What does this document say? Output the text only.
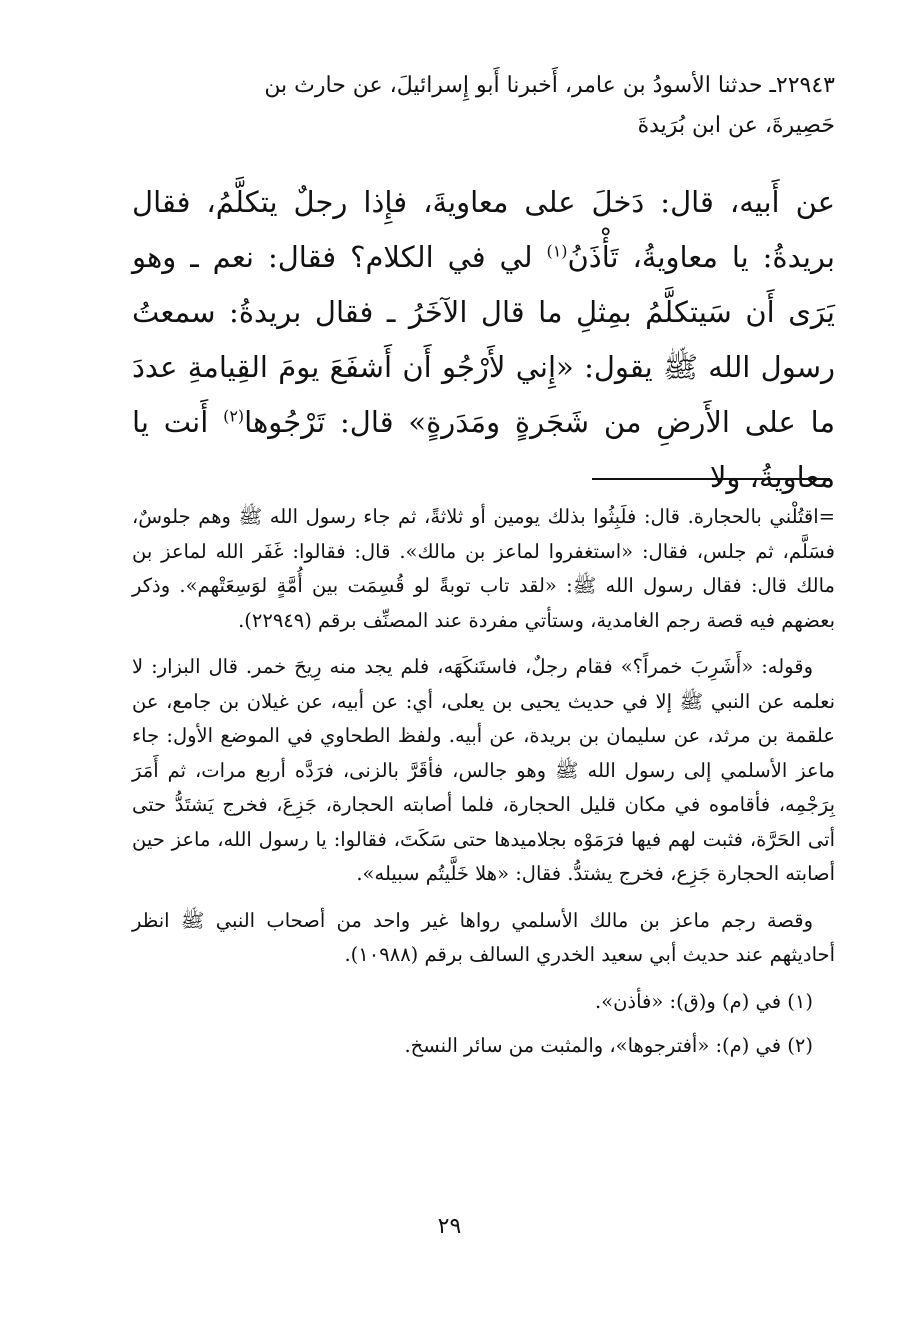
٢٢٩٤٣ـ حدثنا الأسودُ بن عامر، أَخبرنا أَبو إِسرائيلَ، عن حارث بن
حَصِيرةَ، عن ابن بُرَيدةَ
عن أَبيه، قال: دَخلَ على معاويةَ، فإِذا رجلٌ يتكلَّمُ، فقال بريدةُ: يا معاويةُ، تَأْذَنُ$^{(١)}$ لي في الكلام؟ فقال: نعم ـ وهو يَرَى أَن سَيتكلَّمُ بمِثلِ ما قال الآخَرُ ـ فقال بريدةُ: سمعتُ رسول الله ﷺ يقول: «إِني لأَرْجُو أَن أَشفَعَ يومَ القِيامةِ عددَ ما على الأَرضِ من شَجَرةٍ ومَدَرةٍ» قال: تَرْجُوها$^{(٢)}$ أَنت يا معاويةُ، ولا

=اقتُلْني بالحجارة. قال: فلَبِثُوا بذلك يومين أو ثلاثةً، ثم جاء رسول الله ﷺ وهم جلوسٌ، فسَلَّم، ثم جلس، فقال: «استغفروا لماعز بن مالك». قال: فقالوا: غَفَر الله لماعز بن مالك قال: فقال رسول الله ﷺ: «لقد تاب توبةً لو قُسِمَت بين أُمَّةٍ لوَسِعَتْهم». وذكر بعضهم فيه قصة رجم الغامدية، وستأتي مفردة عند المصنِّف برقم (٢٢٩٤٩).

وقوله: «أَشَرِبَ خمراً؟» فقام رجلٌ، فاستَنكَهَه، فلم يجد منه رِيحَ خمر. قال البزار: لا نعلمه عن النبي ﷺ إلا في حديث يحيى بن يعلى، أي: عن أبيه، عن غيلان بن جامع، عن علقمة بن مرثد، عن سليمان بن بريدة، عن أبيه. ولفظ الطحاوي في الموضع الأول: جاء ماعز الأسلمي إلى رسول الله ﷺ وهو جالس، فأقَرَّ بالزنى، فرَدَّه أربع مرات، ثم أَمَرَ بِرَجْمِه، فأقاموه في مكان قليل الحجارة، فلما أصابته الحجارة، جَزِعَ، فخرج يَشتَدُّ حتى أتى الحَرَّة، فثبت لهم فيها فرَمَوْه بجلاميدها حتى سَكَتَ، فقالوا: يا رسول الله، ماعز حين أصابته الحجارة جَزِع، فخرج يشتدُّ. فقال: «هلا خَلَّيتُم سبيله».

وقصة رجم ماعز بن مالك الأسلمي رواها غير واحد من أصحاب النبي ﷺ انظر أحاديثهم عند حديث أبي سعيد الخدري السالف برقم (١٠٩٨٨).

(١) في (م) و(ق): «فأذن».

(٢) في (م): «أفترجوها»، والمثبت من سائر النسخ.

٢٩
